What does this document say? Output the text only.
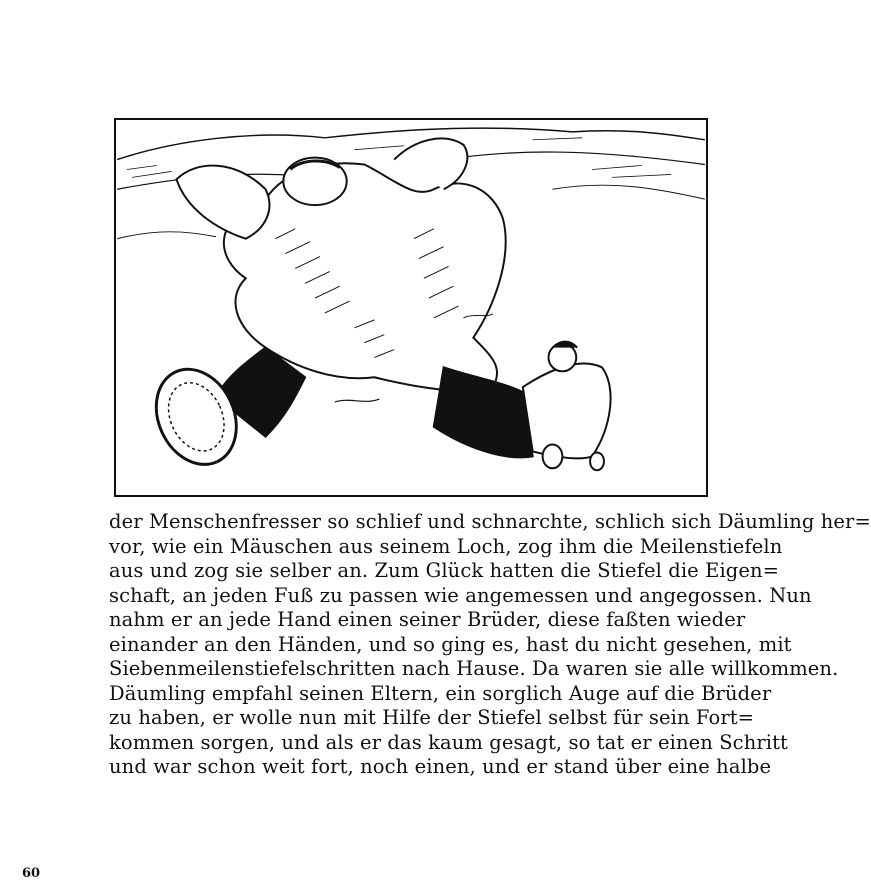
der Menschenfresser so schlief und schnarchte, schlich sich Däumling her=
vor, wie ein Mäuschen aus seinem Loch, zog ihm die Meilenstiefeln
aus und zog sie selber an. Zum Glück hatten die Stiefel die Eigen=
schaft, an jeden Fuß zu passen wie angemessen und angegossen. Nun
nahm er an jede Hand einen seiner Brüder, diese faßten wieder
einander an den Händen, und so ging es, hast du nicht gesehen, mit
Siebenmeilenstiefelschritten nach Hause. Da waren sie alle willkommen.
Däumling empfahl seinen Eltern, ein sorglich Auge auf die Brüder
zu haben, er wolle nun mit Hilfe der Stiefel selbst für sein Fort=
kommen sorgen, und als er das kaum gesagt, so tat er einen Schritt
und war schon weit fort, noch einen, und er stand über eine halbe
60
